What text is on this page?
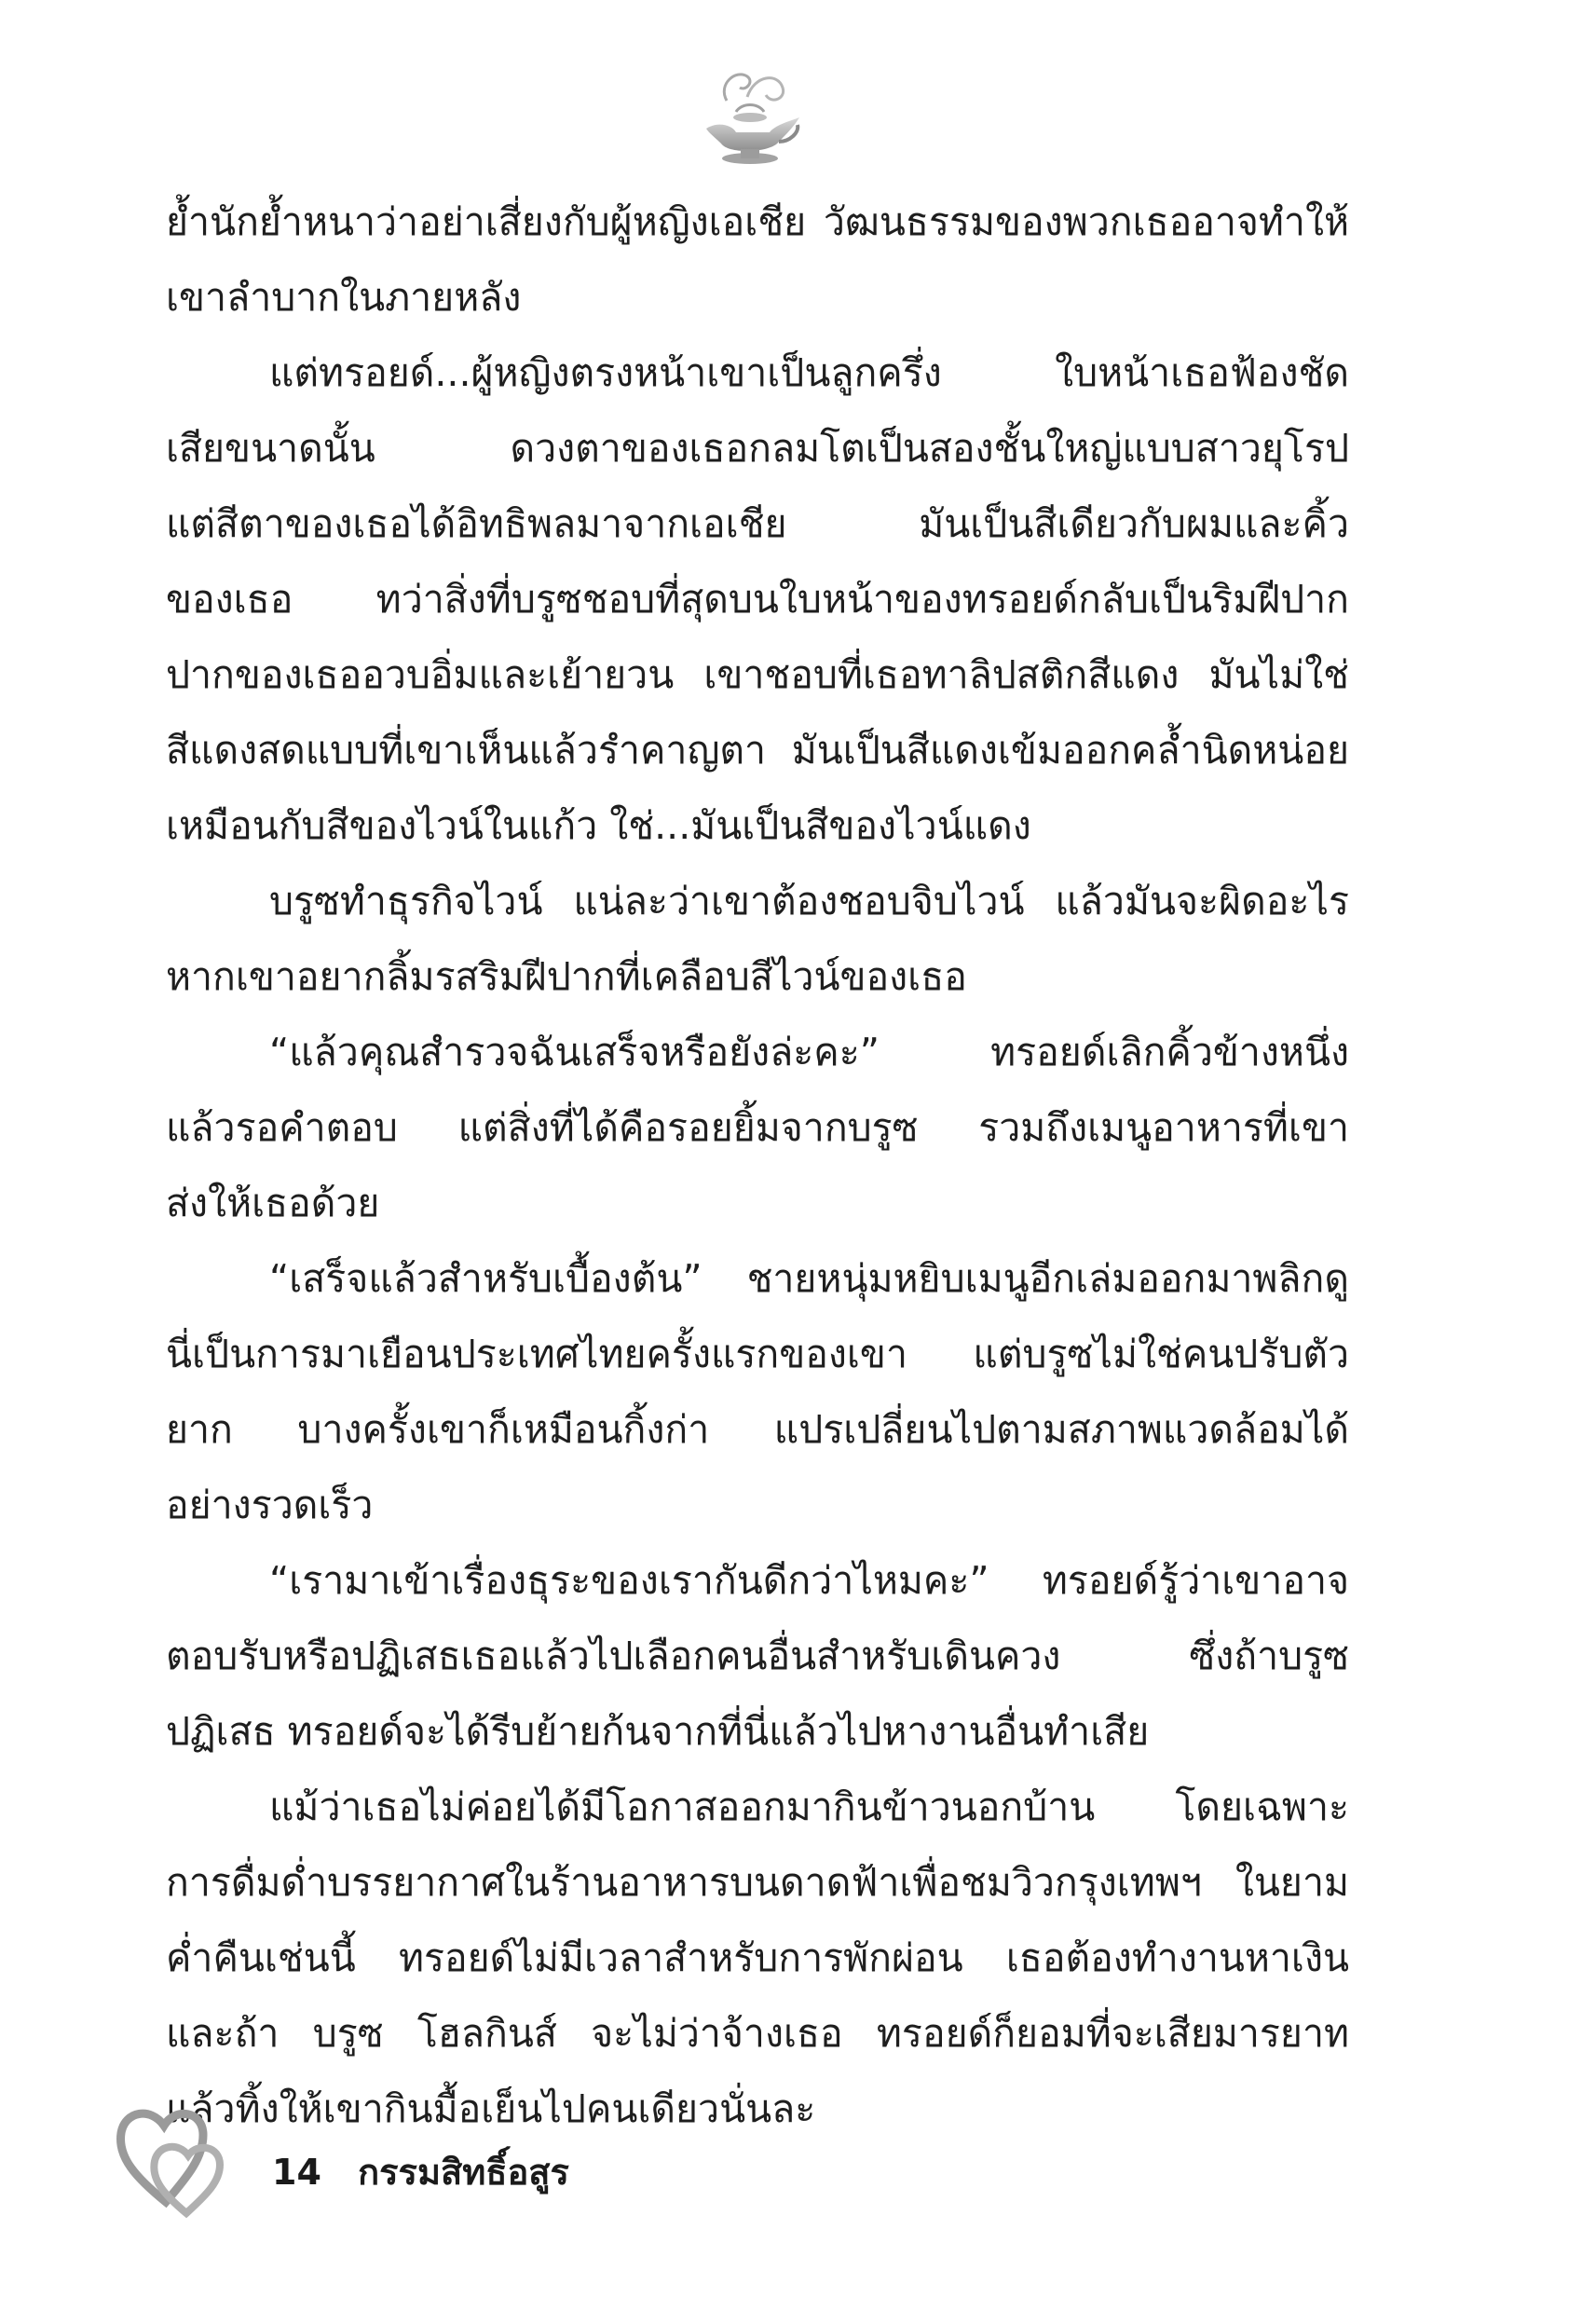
ย้ำนักย้ำหนาว่าอย่าเสี่ยงกับผู้หญิงเอเชีย วัฒนธรรมของพวกเธออาจทำให้
เขาลำบากในภายหลัง
แต่ทรอยด์...ผู้หญิงตรงหน้าเขาเป็นลูกครึ่ง ใบหน้าเธอฟ้องชัด
เสียขนาดนั้น ดวงตาของเธอกลมโตเป็นสองชั้นใหญ่แบบสาวยุโรป
แต่สีตาของเธอได้อิทธิพลมาจากเอเชีย มันเป็นสีเดียวกับผมและคิ้ว
ของเธอ ทว่าสิ่งที่บรูซชอบที่สุดบนใบหน้าของทรอยด์กลับเป็นริมฝีปาก
ปากของเธออวบอิ่มและเย้ายวน เขาชอบที่เธอทาลิปสติกสีแดง มันไม่ใช่
สีแดงสดแบบที่เขาเห็นแล้วรำคาญตา มันเป็นสีแดงเข้มออกคล้ำนิดหน่อย
เหมือนกับสีของไวน์ในแก้ว ใช่...มันเป็นสีของไวน์แดง
บรูซทำธุรกิจไวน์ แน่ละว่าเขาต้องชอบจิบไวน์ แล้วมันจะผิดอะไร
หากเขาอยากลิ้มรสริมฝีปากที่เคลือบสีไวน์ของเธอ
“แล้วคุณสำรวจฉันเสร็จหรือยังล่ะคะ” ทรอยด์เลิกคิ้วข้างหนึ่ง
แล้วรอคำตอบ แต่สิ่งที่ได้คือรอยยิ้มจากบรูซ รวมถึงเมนูอาหารที่เขา
ส่งให้เธอด้วย
“เสร็จแล้วสำหรับเบื้องต้น” ชายหนุ่มหยิบเมนูอีกเล่มออกมาพลิกดู
นี่เป็นการมาเยือนประเทศไทยครั้งแรกของเขา แต่บรูซไม่ใช่คนปรับตัว
ยาก บางครั้งเขาก็เหมือนกิ้งก่า แปรเปลี่ยนไปตามสภาพแวดล้อมได้
อย่างรวดเร็ว
“เรามาเข้าเรื่องธุระของเรากันดีกว่าไหมคะ” ทรอยด์รู้ว่าเขาอาจ
ตอบรับหรือปฏิเสธเธอแล้วไปเลือกคนอื่นสำหรับเดินควง ซึ่งถ้าบรูซ
ปฏิเสธ ทรอยด์จะได้รีบย้ายก้นจากที่นี่แล้วไปหางานอื่นทำเสีย
แม้ว่าเธอไม่ค่อยได้มีโอกาสออกมากินข้าวนอกบ้าน โดยเฉพาะ
การดื่มด่ำบรรยากาศในร้านอาหารบนดาดฟ้าเพื่อชมวิวกรุงเทพฯ ในยาม
ค่ำคืนเช่นนี้ ทรอยด์ไม่มีเวลาสำหรับการพักผ่อน เธอต้องทำงานหาเงิน
และถ้า บรูซ โฮลกินส์ จะไม่ว่าจ้างเธอ ทรอยด์ก็ยอมที่จะเสียมารยาท
แล้วทิ้งให้เขากินมื้อเย็นไปคนเดียวนั่นละ
14 กรรมสิทธิ์อสูร
